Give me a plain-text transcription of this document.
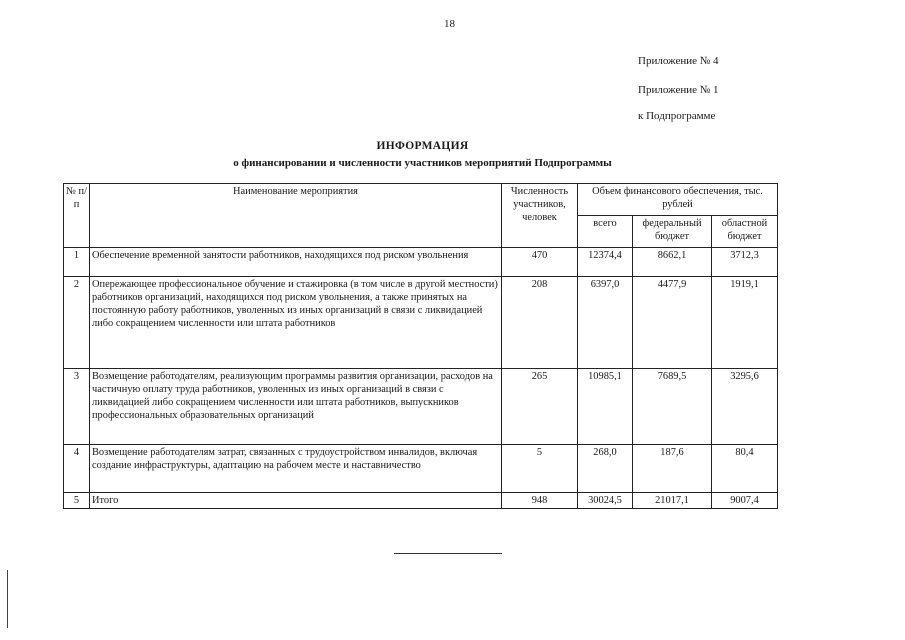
18
Приложение № 4
Приложение № 1
к Подпрограмме
ИНФОРМАЦИЯ
о финансировании и численности участников мероприятий Подпрограммы
№ п/п	Наименование мероприятия	Численность участников, человек	Объем финансового обеспечения, тыс. рублей		
			всего	федеральный бюджет	областной бюджет
1	Обеспечение временной занятости работников, находящихся под риском увольнения	470	12374,4	8662,1	3712,3
2	Опережающее профессиональное обучение и стажировка (в том числе в другой местности) работников организаций, находящихся под риском увольнения, а также принятых на постоянную работу работников, уволенных из иных организаций в связи с ликвидацией либо сокращением численности или штата работников	208	6397,0	4477,9	1919,1
3	Возмещение работодателям, реализующим программы развития организации, расходов на частичную оплату труда работников, уволенных из иных организаций в связи с ликвидацией либо сокращением численности или штата работников, выпускников профессиональных образовательных организаций	265	10985,1	7689,5	3295,6
4	Возмещение работодателям затрат, связанных с трудоустройством инвалидов, включая создание инфраструктуры, адаптацию на рабочем месте и наставничество	5	268,0	187,6	80,4
5	Итого	948	30024,5	21017,1	9007,4
